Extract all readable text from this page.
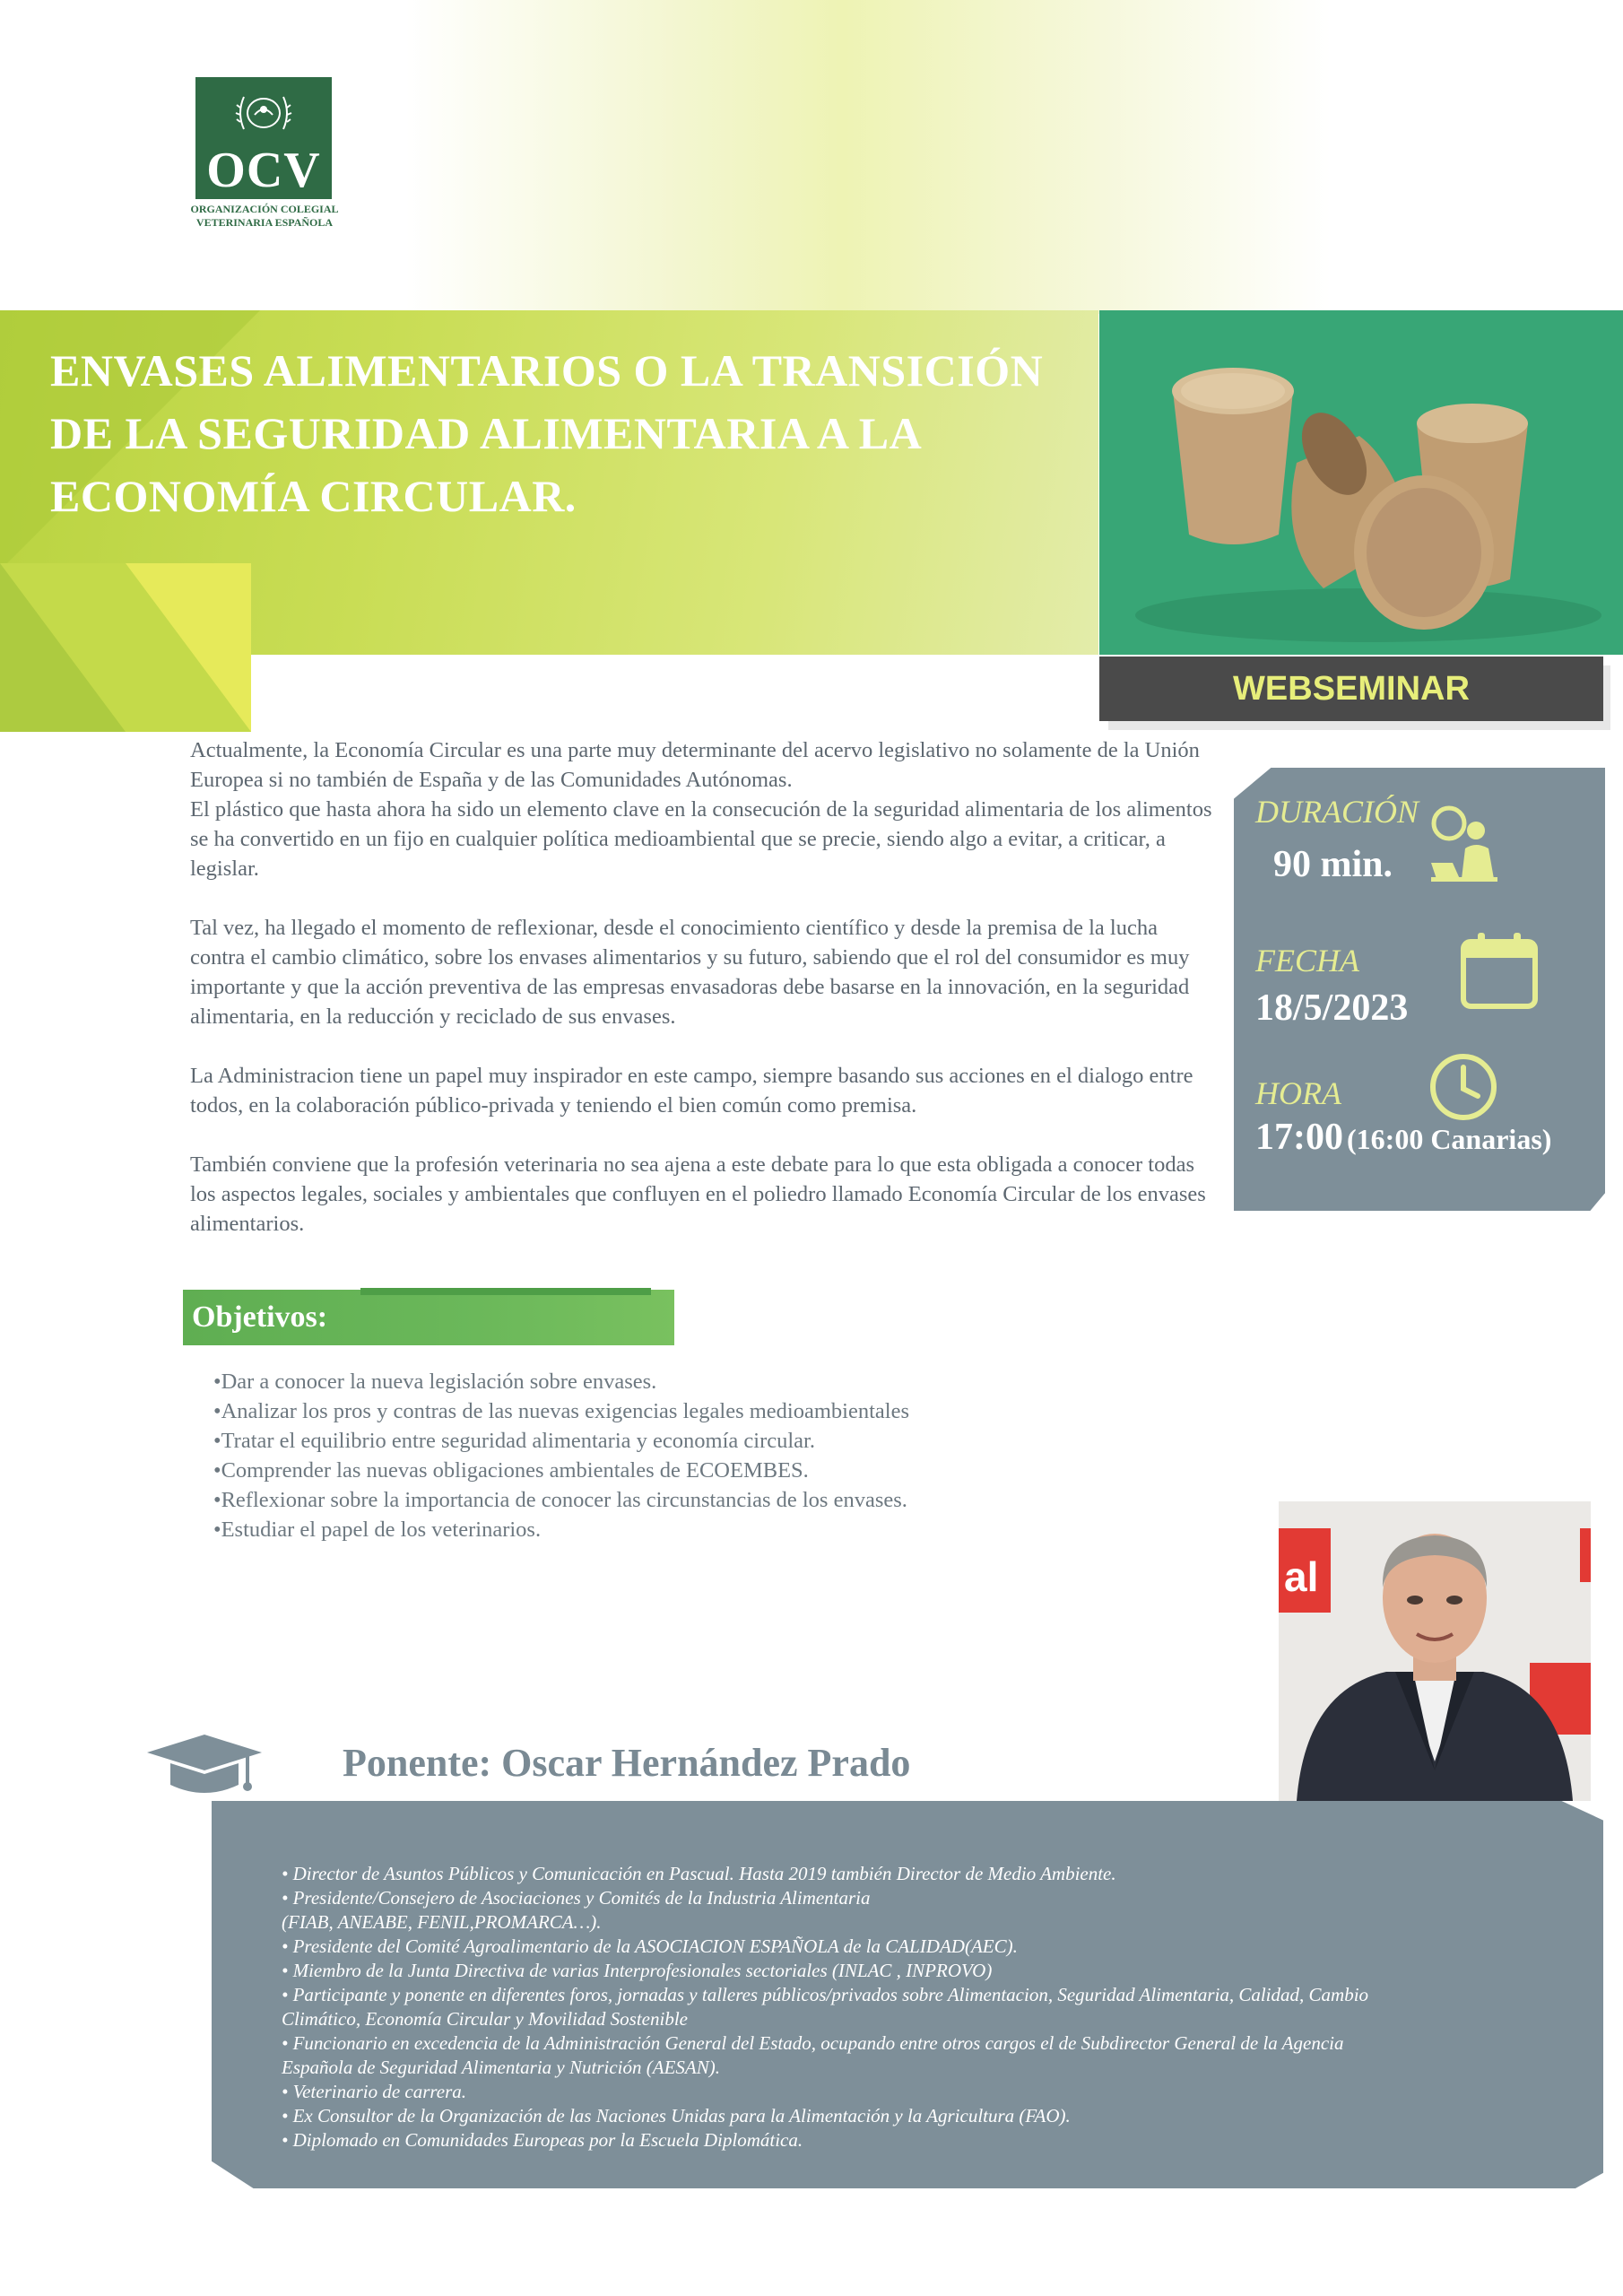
OCV
ORGANIZACIÓN COLEGIAL
VETERINARIA ESPAÑOLA
ENVASES ALIMENTARIOS O LA TRANSICIÓN
DE LA SEGURIDAD ALIMENTARIA A LA
ECONOMÍA CIRCULAR.
WEBSEMINAR

Actualmente, la Economía Circular es una parte muy determinante del acervo legislativo no solamente de la Unión Europea si no también de España y de las Comunidades Autónomas.
El plástico que hasta ahora ha sido un elemento clave en la consecución de la seguridad alimentaria de los alimentos se ha convertido en un fijo en cualquier política medioambiental que se precie, siendo algo a evitar, a criticar, a legislar.

Tal vez, ha llegado el momento de reflexionar, desde el conocimiento científico y desde la premisa de la lucha contra el cambio climático, sobre los envases alimentarios y su futuro, sabiendo que el rol del consumidor es muy importante y que la acción preventiva de las empresas envasadoras debe basarse en la innovación, en la seguridad alimentaria, en la reducción y reciclado de sus envases.

La Administracion tiene un papel muy inspirador en este campo, siempre basando sus acciones en el dialogo entre todos, en la colaboración público-privada y teniendo el bien común como premisa.

También conviene que la profesión veterinaria no sea ajena a este debate para lo que esta obligada a conocer todas los aspectos legales, sociales y ambientales que confluyen en el poliedro llamado Economía Circular de los envases alimentarios.

DURACIÓN
90 min.
FECHA
18/5/2023
HORA
17:00 (16:00 Canarias)
Objetivos:
• Dar a conocer la nueva legislación sobre envases.
• Analizar los pros y contras de las nuevas exigencias legales medioambientales
• Tratar el equilibrio entre seguridad alimentaria y economía circular.
• Comprender las nuevas obligaciones ambientales de ECOEMBES.
• Reflexionar sobre la importancia de conocer las circunstancias de los envases.
• Estudiar el papel de los veterinarios.
al
Ponente: Oscar Hernández Prado
• Director de Asuntos Públicos y Comunicación en Pascual. Hasta 2019 también Director de Medio Ambiente.
• Presidente/Consejero de Asociaciones y Comités de la Industria Alimentaria
(FIAB, ANEABE, FENIL,PROMARCA…).
• Presidente del Comité Agroalimentario de la ASOCIACION ESPAÑOLA de la CALIDAD(AEC).
• Miembro de la Junta Directiva de varias Interprofesionales sectoriales (INLAC , INPROVO)
• Participante y ponente en diferentes foros, jornadas y talleres públicos/privados sobre Alimentacion, Seguridad Alimentaria, Calidad, Cambio
Climático, Economía Circular y Movilidad Sostenible
• Funcionario en excedencia de la Administración General del Estado, ocupando entre otros cargos el de Subdirector General de la Agencia
Española de Seguridad Alimentaria y Nutrición (AESAN).
• Veterinario de carrera.
• Ex Consultor de la Organización de las Naciones Unidas para la Alimentación y la Agricultura (FAO).
• Diplomado en Comunidades Europeas por la Escuela Diplomática.
